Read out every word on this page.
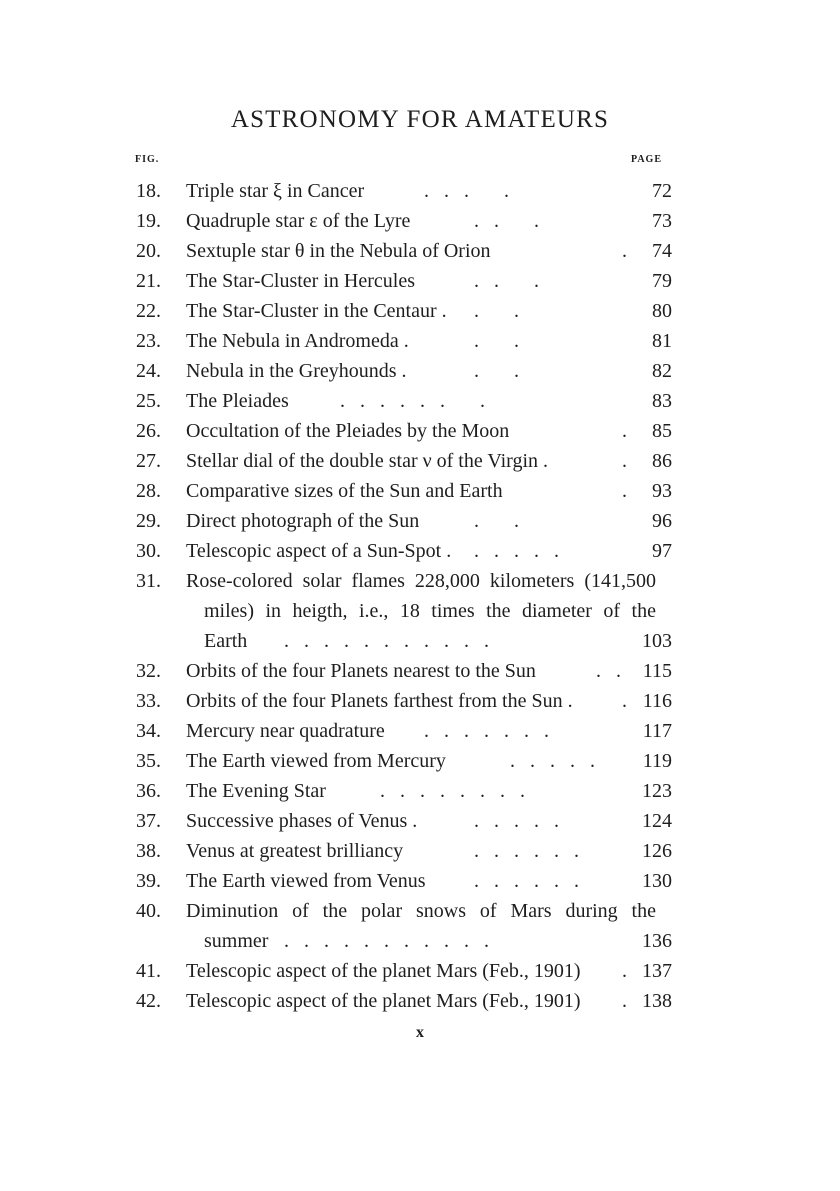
ASTRONOMY FOR AMATEURS
FIG.	PAGE
18. Triple star ξ in Cancer	.   .   .       .	72
19. Quadruple star ε of the Lyre	.   .       .	73
20. Sextuple star θ in the Nebula of Orion	.	74
21. The Star-Cluster in Hercules	.   .       .	79
22. The Star-Cluster in the Centaur . .       .	80
23. The Nebula in Andromeda .	.       .	81
24. Nebula in the Greyhounds .	.       .	82
25. The Pleiades	.   .   .   .   .   .       .	83
26. Occultation of the Pleiades by the Moon	.	85
27. Stellar dial of the double star ν of the Virgin .	.	86
28. Comparative sizes of the Sun and Earth	.	93
29. Direct photograph of the Sun	.       .	96
30. Telescopic aspect of a Sun-Spot . .   .   .   .   .	97
31. Rose-colored solar flames 228,000 kilometers (141,500
miles) in heigth, i.e., 18 times the diameter of the
Earth .   .   .   .   .   .   .   .   .   .   .	103
32. Orbits of the four Planets nearest to the Sun	.   .	115
33. Orbits of the four Planets farthest from the Sun . . 116
34. Mercury near quadrature .   .   .   .   .   .   .	117
35. The Earth viewed from Mercury	.   .   .   .   .	119
36. The Evening Star	.   .   .   .   .   .   .   .	123
37. Successive phases of Venus .	.   .   .   .   .	124
38. Venus at greatest brilliancy	.   .   .   .   .   .	126
39. The Earth viewed from Venus .   .   .   .   .   .	130
40. Diminution of the polar snows of Mars during the
summer .   .   .   .   .   .   .   .   .   .   .	136
41. Telescopic aspect of the planet Mars (Feb., 1901) . 137
42. Telescopic aspect of the planet Mars (Feb., 1901) . 138
x
